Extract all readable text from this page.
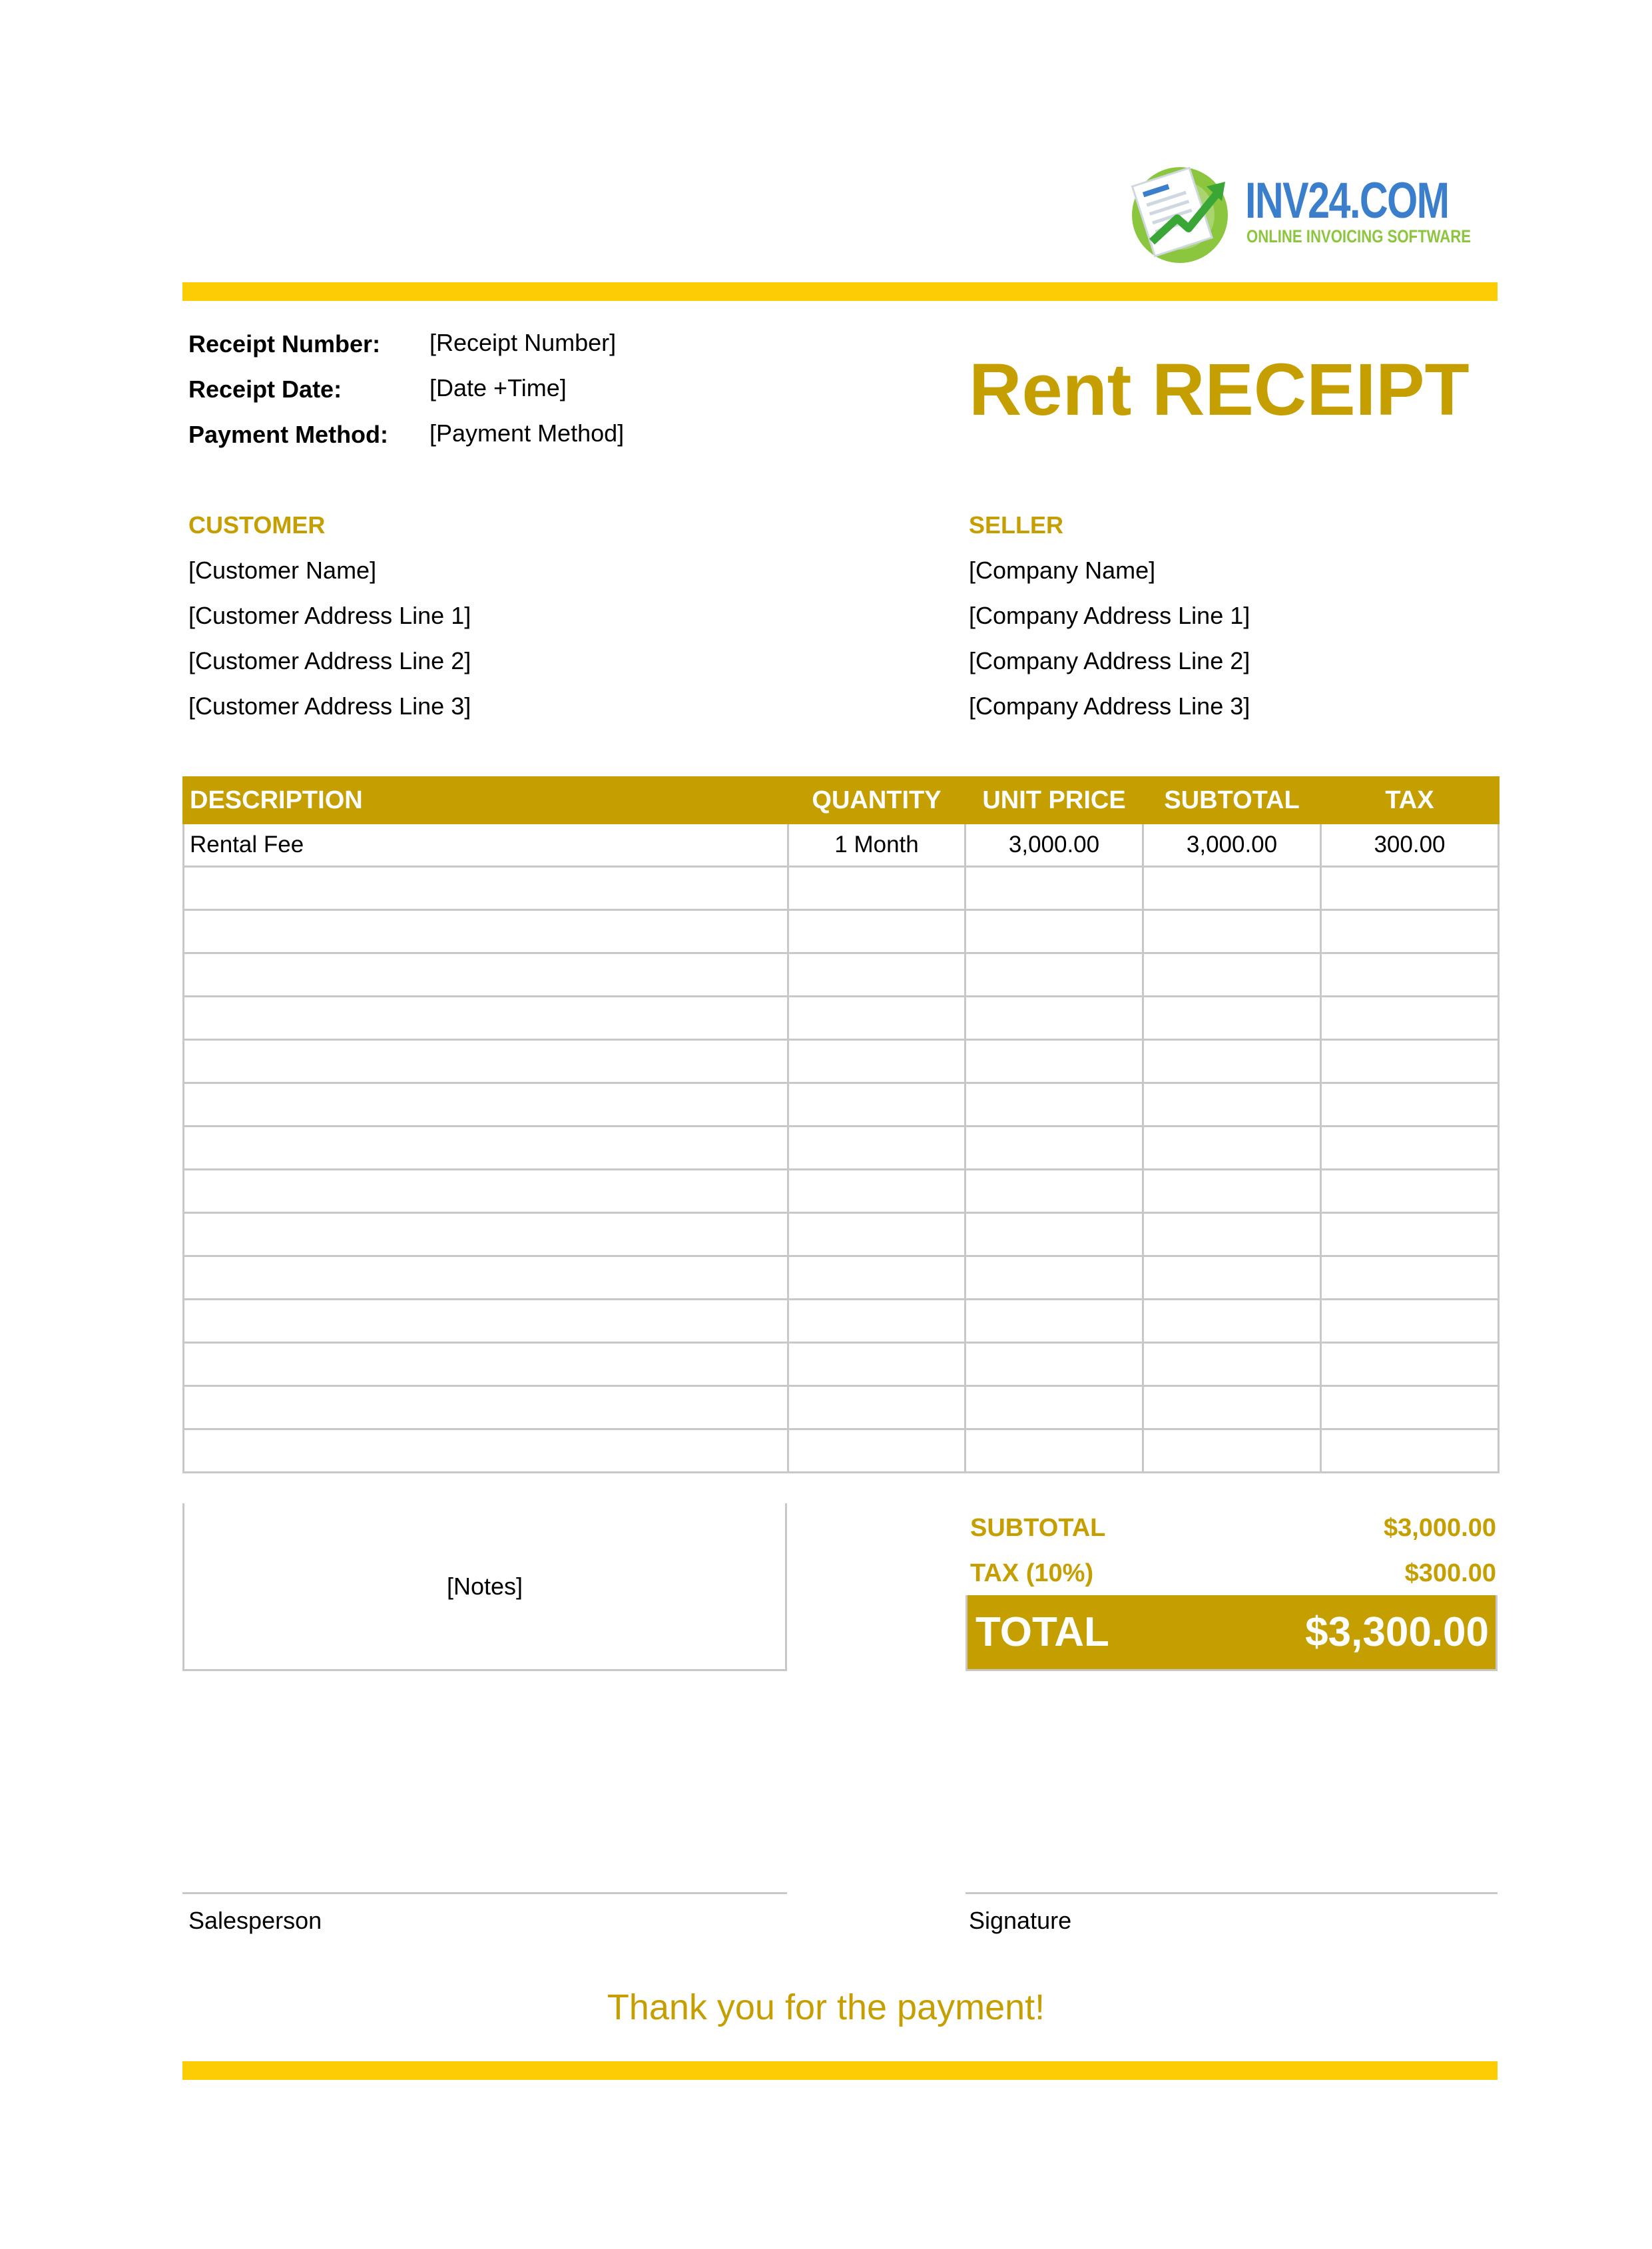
INV24.COM
ONLINE INVOICING SOFTWARE
Receipt Number: [Receipt Number]
Receipt Date:	[Date +Time]
Payment Method: [Payment Method]
Rent RECEIPT
CUSTOMER
[Customer Name]
[Customer Address Line 1]
[Customer Address Line 2]
[Customer Address Line 3]
SELLER
[Company Name]
[Company Address Line 1]
[Company Address Line 2]
[Company Address Line 3]
DESCRIPTION	QUANTITY	UNIT PRICE	SUBTOTAL	TAX
Rental Fee	1 Month	3,000.00	3,000.00	300.00

[Notes]
SUBTOTAL	$3,000.00
TAX (10%)	$300.00
TOTAL	$3,300.00
Salesperson	Signature
Thank you for the payment!
